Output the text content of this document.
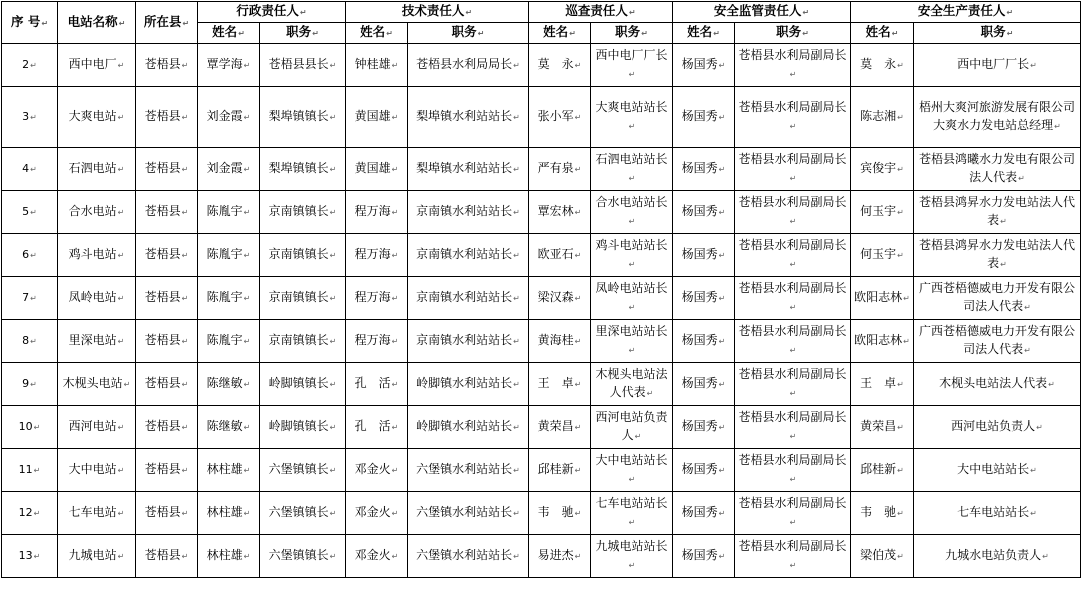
序 号 ↵	电站名称 ↵	所在县 ↵	行政责任人 ↵		技术责任人 ↵		巡查责任人 ↵		安全监管责任人 ↵		安全生产责任人 ↵
			姓名 ↵	职务 ↵	姓名 ↵	职务 ↵	姓名 ↵	职务 ↵	姓名 ↵	职务 ↵	姓名 ↵	职务 ↵
2 ↵	西中电厂 ↵	苍梧县 ↵	覃学海 ↵	苍梧县县长 ↵	钟桂雄 ↵	苍梧县水利局局长 ↵	莫　永 ↵	西中电厂厂长 ↵	杨国秀 ↵	苍梧县水利局副局长 ↵	莫　永 ↵	西中电厂厂长 ↵
3 ↵	大爽电站 ↵	苍梧县 ↵	刘金霞 ↵	梨埠镇镇长 ↵	黄国雄 ↵	梨埠镇水利站站长 ↵	张小军 ↵	大爽电站站长 ↵	杨国秀 ↵	苍梧县水利局副局长 ↵	陈志湘 ↵	梧州大爽河旅游发展有限公司大爽水力发电站总经理 ↵
4 ↵	石泗电站 ↵	苍梧县 ↵	刘金霞 ↵	梨埠镇镇长 ↵	黄国雄 ↵	梨埠镇水利站站长 ↵	严有泉 ↵	石泗电站站长 ↵	杨国秀 ↵	苍梧县水利局副局长 ↵	宾俊宇 ↵	苍梧县鸿曦水力发电有限公司法人代表 ↵
5 ↵	合水电站 ↵	苍梧县 ↵	陈胤宇 ↵	京南镇镇长 ↵	程万海 ↵	京南镇水利站站长 ↵	覃宏林 ↵	合水电站站长 ↵	杨国秀 ↵	苍梧县水利局副局长 ↵	何玉宇 ↵	苍梧县鸿昇水力发电站法人代表 ↵
6 ↵	鸡斗电站 ↵	苍梧县 ↵	陈胤宇 ↵	京南镇镇长 ↵	程万海 ↵	京南镇水利站站长 ↵	欧亚石 ↵	鸡斗电站站长 ↵	杨国秀 ↵	苍梧县水利局副局长 ↵	何玉宇 ↵	苍梧县鸿昇水力发电站法人代表 ↵
7 ↵	凤岭电站 ↵	苍梧县 ↵	陈胤宇 ↵	京南镇镇长 ↵	程万海 ↵	京南镇水利站站长 ↵	梁汉森 ↵	凤岭电站站长 ↵	杨国秀 ↵	苍梧县水利局副局长 ↵	欧阳志林 ↵	广西苍梧德威电力开发有限公司法人代表 ↵
8 ↵	里深电站 ↵	苍梧县 ↵	陈胤宇 ↵	京南镇镇长 ↵	程万海 ↵	京南镇水利站站长 ↵	黄海桂 ↵	里深电站站长 ↵	杨国秀 ↵	苍梧县水利局副局长 ↵	欧阳志林 ↵	广西苍梧德威电力开发有限公司法人代表 ↵
9 ↵	木枧头电站 ↵	苍梧县 ↵	陈继敏 ↵	岭脚镇镇长 ↵	孔　活 ↵	岭脚镇水利站站长 ↵	王　卓 ↵	木枧头电站法人代表 ↵	杨国秀 ↵	苍梧县水利局副局长 ↵	王　卓 ↵	木枧头电站法人代表 ↵
10 ↵	西河电站 ↵	苍梧县 ↵	陈继敏 ↵	岭脚镇镇长 ↵	孔　活 ↵	岭脚镇水利站站长 ↵	黄荣昌 ↵	西河电站负责人 ↵	杨国秀 ↵	苍梧县水利局副局长 ↵	黄荣昌 ↵	西河电站负责人 ↵
11 ↵	大中电站 ↵	苍梧县 ↵	林柱雄 ↵	六堡镇镇长 ↵	邓金火 ↵	六堡镇水利站站长 ↵	邱桂新 ↵	大中电站站长 ↵	杨国秀 ↵	苍梧县水利局副局长 ↵	邱桂新 ↵	大中电站站长 ↵
12 ↵	七车电站 ↵	苍梧县 ↵	林柱雄 ↵	六堡镇镇长 ↵	邓金火 ↵	六堡镇水利站站长 ↵	韦　驰 ↵	七车电站站长 ↵	杨国秀 ↵	苍梧县水利局副局长 ↵	韦　驰 ↵	七车电站站长 ↵
13 ↵	九城电站 ↵	苍梧县 ↵	林柱雄 ↵	六堡镇镇长 ↵	邓金火 ↵	六堡镇水利站站长 ↵	易进杰 ↵	九城电站站长 ↵	杨国秀 ↵	苍梧县水利局副局长 ↵	梁伯茂 ↵	九城水电站负责人 ↵
